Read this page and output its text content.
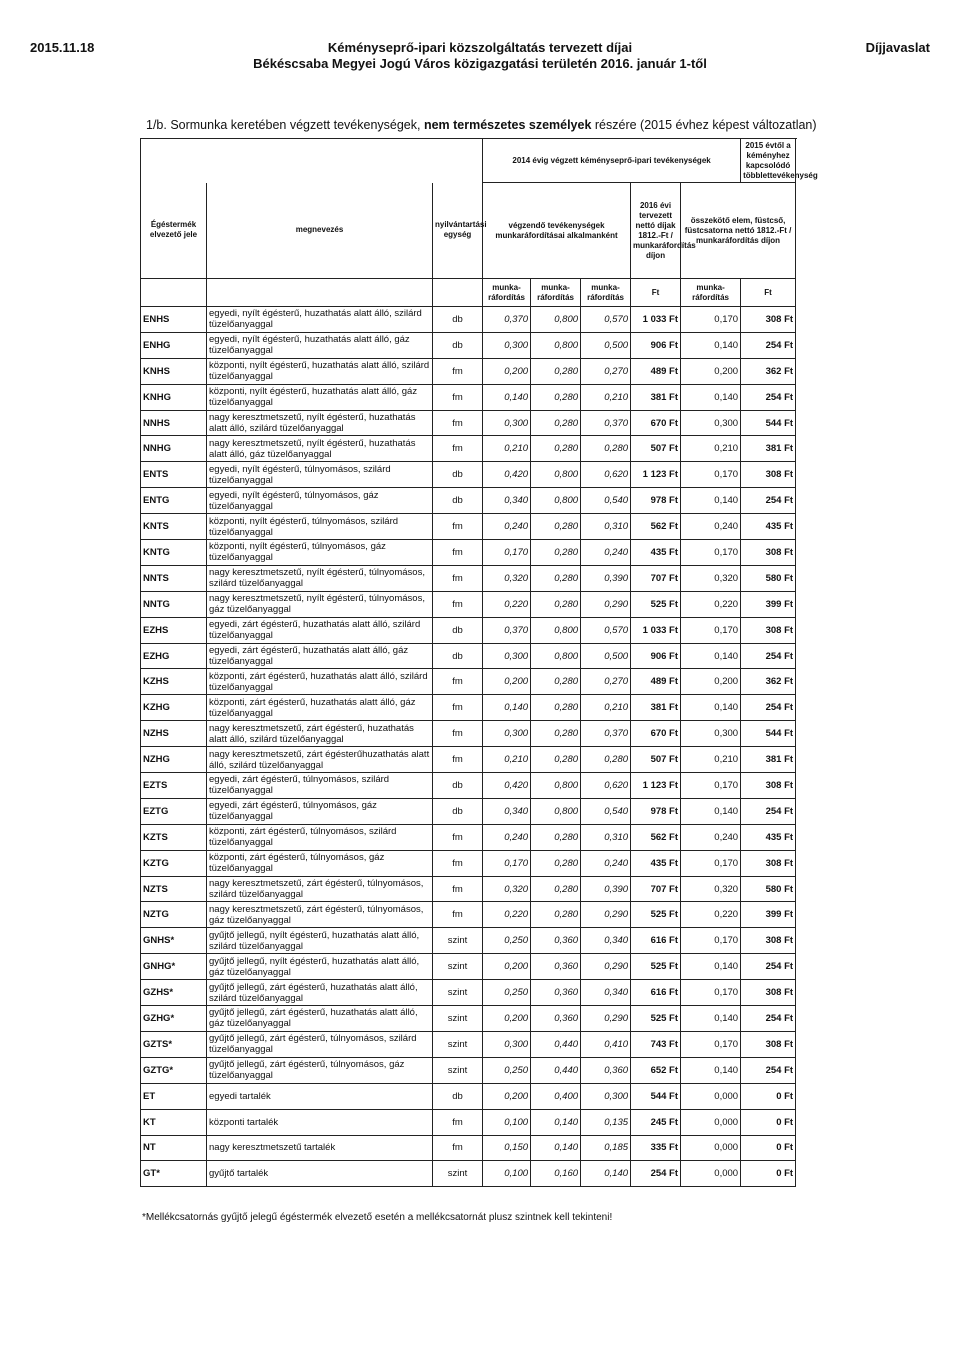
2015.11.18	Kéményseprő-ipari közszolgáltatás tervezett díjai
Békéscsaba Megyei Jogú Város közigazgatási területén 2016. január 1-től
Díjjavaslat
1/b. Sormunka keretében végzett tevékenységek, nem természetes személyek részére (2015 évhez képest változatlan)
			2014 évig végzett kéményseprő-ipari tevékenységek					2015 évtől a kéményhez kapcsolódó többlettevékenység
Égéstermék elvezető jele	megnevezés	nyilvántartási egység	végzendő tevékenységek munkaráfordításai alkalmanként			2016 évi tervezett nettó díjak 1812.-Ft / munkaráfordítás díjon	összekötő elem, füstcső, füstcsatorna nettó 1812.-Ft / munkaráfordítás díjon	

			munka-ráfordítás	munka-ráfordítás	munka-ráfordítás	Ft	munka-ráfordítás	Ft
ENHS	egyedi, nyílt égésterű, huzathatás alatt álló, szilárd tüzelőanyaggal	db	0,370	0,800	0,570	1 033 Ft	0,170	308 Ft
ENHG	egyedi, nyílt égésterű, huzathatás alatt álló, gáz tüzelőanyaggal	db	0,300	0,800	0,500	906 Ft	0,140	254 Ft
KNHS	központi, nyílt égésterű, huzathatás alatt álló, szilárd tüzelőanyaggal	fm	0,200	0,280	0,270	489 Ft	0,200	362 Ft
KNHG	központi, nyílt égésterű, huzathatás alatt álló, gáz tüzelőanyaggal	fm	0,140	0,280	0,210	381 Ft	0,140	254 Ft
NNHS	nagy keresztmetszetű, nyílt égésterű, huzathatás alatt álló, szilárd tüzelőanyaggal	fm	0,300	0,280	0,370	670 Ft	0,300	544 Ft
NNHG	nagy keresztmetszetű, nyílt égésterű, huzathatás alatt álló, gáz tüzelőanyaggal	fm	0,210	0,280	0,280	507 Ft	0,210	381 Ft
ENTS	egyedi, nyílt égésterű, túlnyomásos, szilárd tüzelőanyaggal	db	0,420	0,800	0,620	1 123 Ft	0,170	308 Ft
ENTG	egyedi, nyílt égésterű, túlnyomásos, gáz tüzelőanyaggal	db	0,340	0,800	0,540	978 Ft	0,140	254 Ft
KNTS	központi, nyílt égésterű, túlnyomásos, szilárd tüzelőanyaggal	fm	0,240	0,280	0,310	562 Ft	0,240	435 Ft
KNTG	központi, nyílt égésterű, túlnyomásos, gáz tüzelőanyaggal	fm	0,170	0,280	0,240	435 Ft	0,170	308 Ft
NNTS	nagy keresztmetszetű, nyílt égésterű, túlnyomásos, szilárd tüzelőanyaggal	fm	0,320	0,280	0,390	707 Ft	0,320	580 Ft
NNTG	nagy keresztmetszetű, nyílt égésterű, túlnyomásos, gáz tüzelőanyaggal	fm	0,220	0,280	0,290	525 Ft	0,220	399 Ft
EZHS	egyedi, zárt égésterű, huzathatás alatt álló, szilárd tüzelőanyaggal	db	0,370	0,800	0,570	1 033 Ft	0,170	308 Ft
EZHG	egyedi, zárt égésterű, huzathatás alatt álló, gáz tüzelőanyaggal	db	0,300	0,800	0,500	906 Ft	0,140	254 Ft
KZHS	központi, zárt égésterű, huzathatás alatt álló, szilárd tüzelőanyaggal	fm	0,200	0,280	0,270	489 Ft	0,200	362 Ft
KZHG	központi, zárt égésterű, huzathatás alatt álló, gáz tüzelőanyaggal	fm	0,140	0,280	0,210	381 Ft	0,140	254 Ft
NZHS	nagy keresztmetszetű, zárt égésterű, huzathatás alatt álló, szilárd tüzelőanyaggal	fm	0,300	0,280	0,370	670 Ft	0,300	544 Ft
NZHG	nagy keresztmetszetű, zárt égésterűhuzathatás alatt álló, szilárd tüzelőanyaggal	fm	0,210	0,280	0,280	507 Ft	0,210	381 Ft
EZTS	egyedi, zárt égésterű, túlnyomásos, szilárd tüzelőanyaggal	db	0,420	0,800	0,620	1 123 Ft	0,170	308 Ft
EZTG	egyedi, zárt égésterű, túlnyomásos, gáz tüzelőanyaggal	db	0,340	0,800	0,540	978 Ft	0,140	254 Ft
KZTS	központi, zárt égésterű, túlnyomásos, szilárd tüzelőanyaggal	fm	0,240	0,280	0,310	562 Ft	0,240	435 Ft
KZTG	központi, zárt égésterű, túlnyomásos, gáz tüzelőanyaggal	fm	0,170	0,280	0,240	435 Ft	0,170	308 Ft
NZTS	nagy keresztmetszetű, zárt égésterű, túlnyomásos, szilárd tüzelőanyaggal	fm	0,320	0,280	0,390	707 Ft	0,320	580 Ft
NZTG	nagy keresztmetszetű, zárt égésterű, túlnyomásos, gáz tüzelőanyaggal	fm	0,220	0,280	0,290	525 Ft	0,220	399 Ft
GNHS*	gyűjtő jellegű, nyílt égésterű, huzathatás alatt álló, szilárd tüzelőanyaggal	szint	0,250	0,360	0,340	616 Ft	0,170	308 Ft
GNHG*	gyűjtő jellegű, nyílt égésterű, huzathatás alatt álló, gáz tüzelőanyaggal	szint	0,200	0,360	0,290	525 Ft	0,140	254 Ft
GZHS*	gyűjtő jellegű, zárt égésterű, huzathatás alatt álló, szilárd tüzelőanyaggal	szint	0,250	0,360	0,340	616 Ft	0,170	308 Ft
GZHG*	gyűjtő jellegű, zárt égésterű, huzathatás alatt álló, gáz tüzelőanyaggal	szint	0,200	0,360	0,290	525 Ft	0,140	254 Ft
GZTS*	gyűjtő jellegű, zárt égésterű, túlnyomásos, szilárd tüzelőanyaggal	szint	0,300	0,440	0,410	743 Ft	0,170	308 Ft
GZTG*	gyűjtő jellegű, zárt égésterű, túlnyomásos, gáz tüzelőanyaggal	szint	0,250	0,440	0,360	652 Ft	0,140	254 Ft
ET	egyedi tartalék	db	0,200	0,400	0,300	544 Ft	0,000	0 Ft
KT	központi tartalék	fm	0,100	0,140	0,135	245 Ft	0,000	0 Ft
NT	nagy keresztmetszetű tartalék	fm	0,150	0,140	0,185	335 Ft	0,000	0 Ft
GT*	gyűjtő tartalék	szint	0,100	0,160	0,140	254 Ft	0,000	0 Ft
*Mellékcsatornás gyűjtő jelegű égéstermék elvezető esetén a mellékcsatornát plusz szintnek kell tekinteni!
